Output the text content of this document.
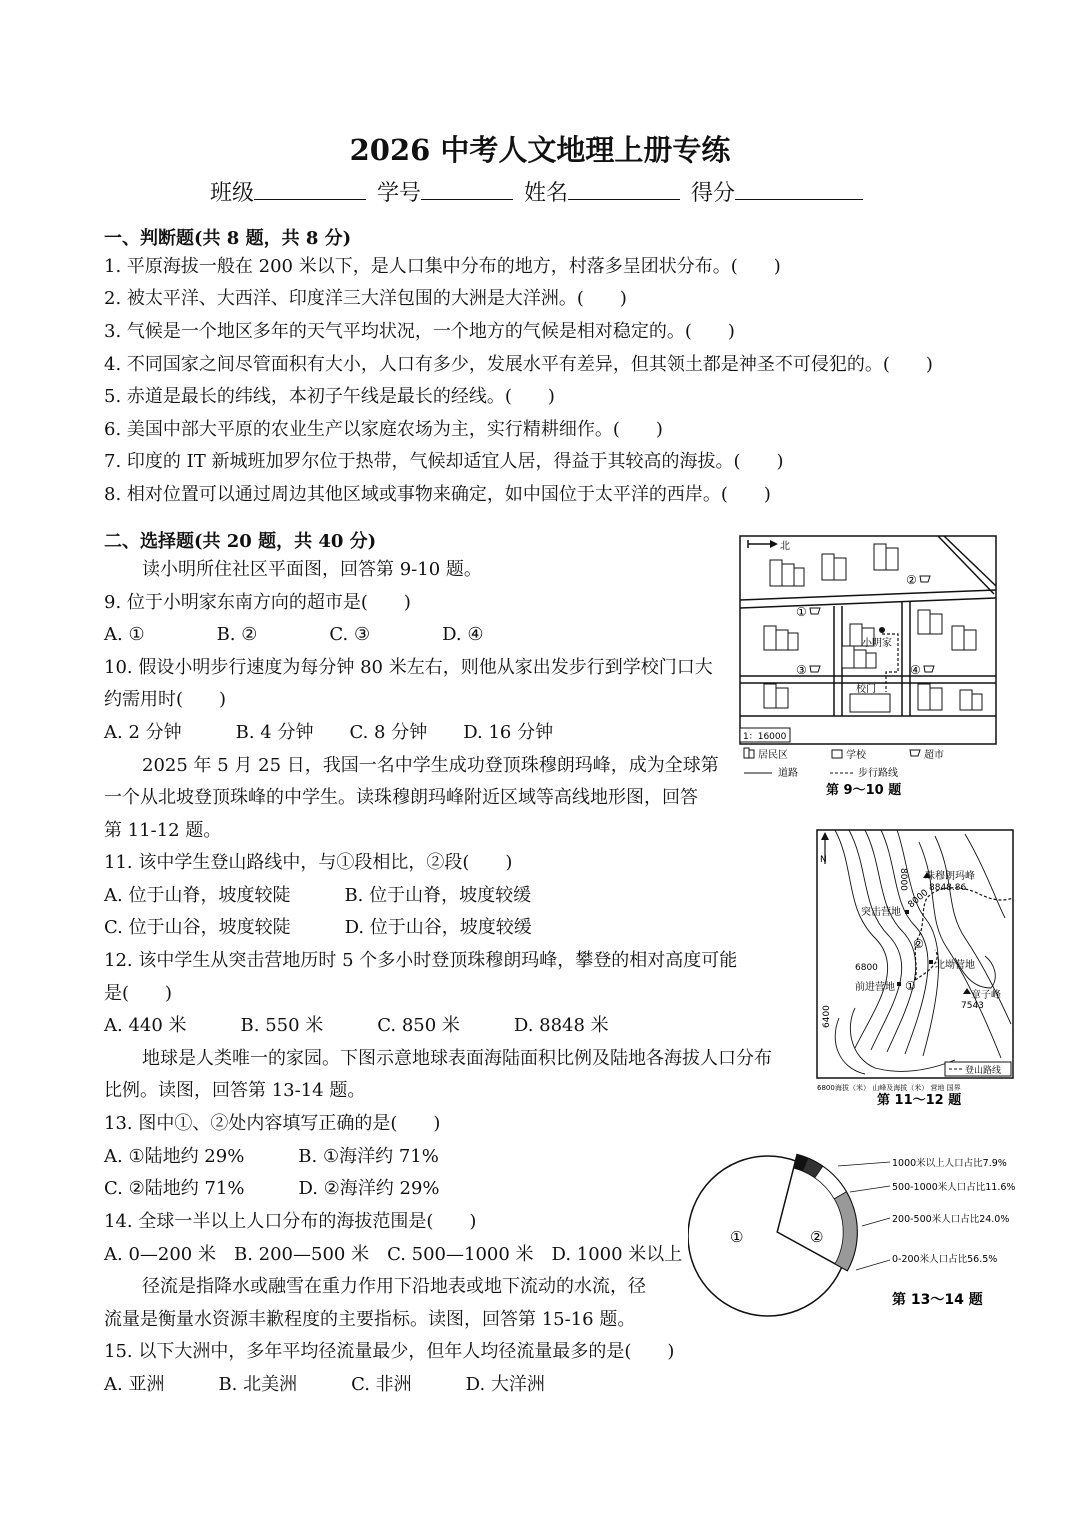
2026 中考人文地理上册专练
班级	学号	姓名	得分
一、判断题(共 8 题，共 8 分)
1. 平原海拔一般在 200 米以下，是人口集中分布的地方，村落多呈团状分布。(　　)
2. 被太平洋、大西洋、印度洋三大洋包围的大洲是大洋洲。(　　)
3. 气候是一个地区多年的天气平均状况，一个地方的气候是相对稳定的。(　　)
4. 不同国家之间尽管面积有大小，人口有多少，发展水平有差异，但其领土都是神圣不可侵犯的。(　　)
5. 赤道是最长的纬线，本初子午线是最长的经线。(　　)
6. 美国中部大平原的农业生产以家庭农场为主，实行精耕细作。(　　)
7. 印度的 IT 新城班加罗尔位于热带，气候却适宜人居，得益于其较高的海拔。(　　)
8. 相对位置可以通过周边其他区域或事物来确定，如中国位于太平洋的西岸。(　　)
二、选择题(共 20 题，共 40 分)
读小明所住社区平面图，回答第 9-10 题。
9. 位于小明家东南方向的超市是(　　)
A. ①　　　　B. ②　　　　C. ③　　　　D. ④
10. 假设小明步行速度为每分钟 80 米左右，则他从家出发步行到学校门口大
约需用时(　　)
A. 2 分钟　　　B. 4 分钟　　C. 8 分钟　　D. 16 分钟
2025 年 5 月 25 日，我国一名中学生成功登顶珠穆朗玛峰，成为全球第
一个从北坡登顶珠峰的中学生。读珠穆朗玛峰附近区域等高线地形图，回答
第 11-12 题。
11. 该中学生登山路线中，与①段相比，②段(　　)
A. 位于山脊，坡度较陡　　　B. 位于山脊，坡度较缓
C. 位于山谷，坡度较陡　　　D. 位于山谷，坡度较缓
12. 该中学生从突击营地历时 5 个多小时登顶珠穆朗玛峰，攀登的相对高度可能
是(　　)
A. 440 米　　　B. 550 米　　　C. 850 米　　　D. 8848 米
地球是人类唯一的家园。下图示意地球表面海陆面积比例及陆地各海拔人口分布
比例。读图，回答第 13-14 题。
13. 图中①、②处内容填写正确的是(　　)
A. ①陆地约 29%　　　B. ①海洋约 71%
C. ②陆地约 71%　　　D. ②海洋约 29%
14. 全球一半以上人口分布的海拔范围是(　　)
A. 0—200 米　B. 200—500 米　C. 500—1000 米　D. 1000 米以上
径流是指降水或融雪在重力作用下沿地表或地下流动的水流，径
流量是衡量水资源丰歉程度的主要指标。读图，回答第 15-16 题。
15. 以下大洲中，多年平均径流量最少，但年人均径流量最多的是(　　)
A. 亚洲　　　B. 北美洲　　　C. 非洲　　　D. 大洋洲
北
校门
小明家
①
②
③	④
1：16000
居民区	学校	超市
道路	步行路线
第 9～10 题
N
珠穆朗玛峰
8848.86
突击营地
8000
8000
②
北坳营地
6800
前进营地 ①
章子峰
7543
6400
登山路线
6800 海拔（米） 山峰及海拔（米） 营地 国界
第 11～12 题
①	②
1000米以上人口占比7.9%
500-1000米人口占比11.6%
200-500米人口占比24.0%
0-200米人口占比56.5%
第 13～14 题
